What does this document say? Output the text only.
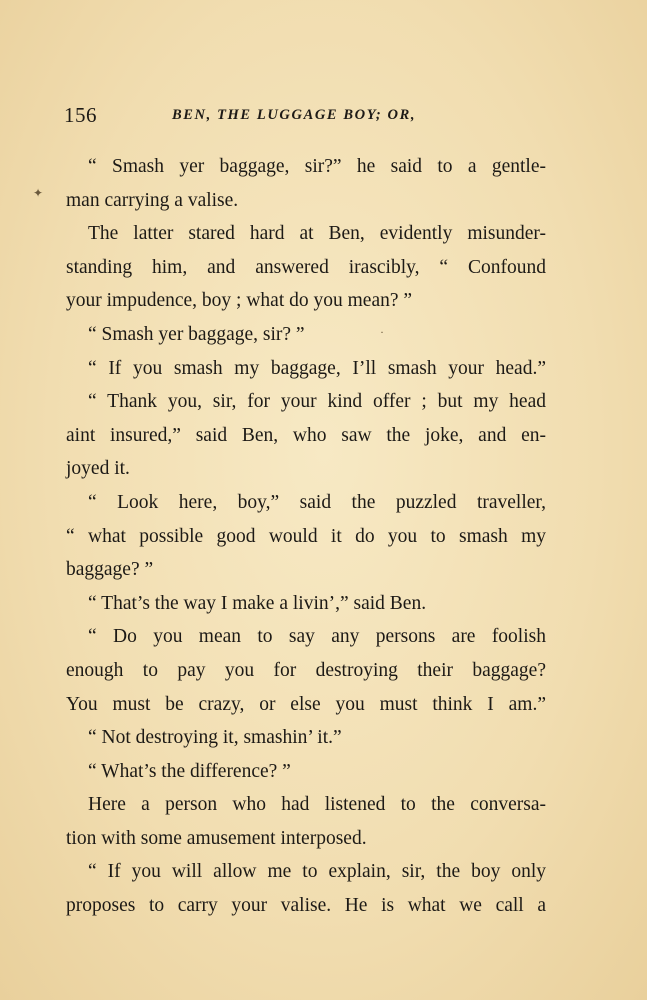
156	BEN, THE LUGGAGE BOY; OR,
✦
·
“ Smash yer baggage, sir?” he said to a gentle-
man carrying a valise.
The latter stared hard at Ben, evidently misunder-
standing him, and answered irascibly, “ Confound
your impudence, boy ; what do you mean? ”
“ Smash yer baggage, sir? ”
“ If you smash my baggage, I’ll smash your head.”
“ Thank you, sir, for your kind offer ; but my head
aint insured,” said Ben, who saw the joke, and en-
joyed it.
“ Look here, boy,” said the puzzled traveller,
“ what possible good would it do you to smash my
baggage? ”
“ That’s the way I make a livin’,” said Ben.
“ Do you mean to say any persons are foolish
enough to pay you for destroying their baggage?
You must be crazy, or else you must think I am.”
“ Not destroying it, smashin’ it.”
“ What’s the difference? ”
Here a person who had listened to the conversa-
tion with some amusement interposed.
“ If you will allow me to explain, sir, the boy only
proposes to carry your valise. He is what we call a
